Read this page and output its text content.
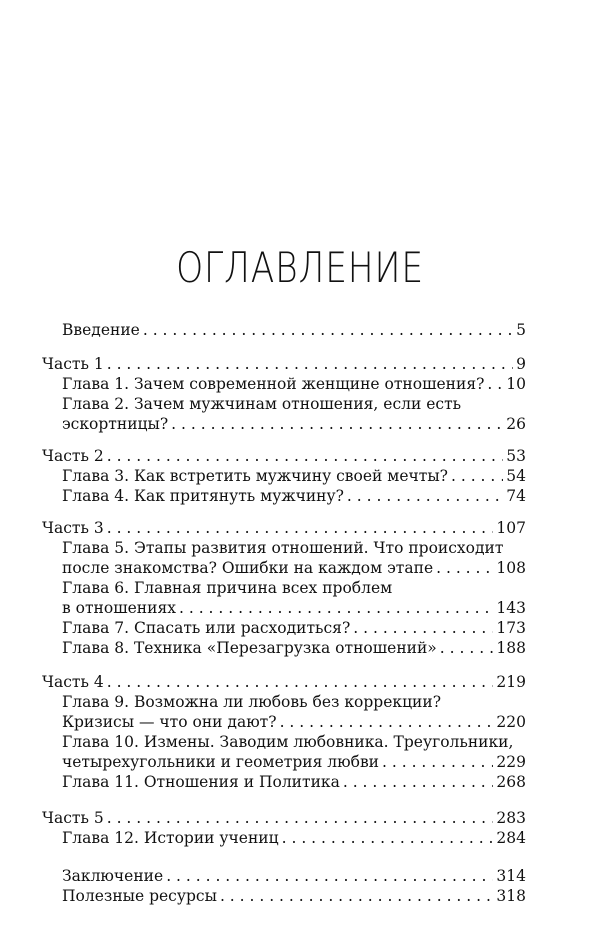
ОГЛАВЛЕНИЕ
Введение . . .	5
Часть 1 . . .	9
Глава 1. Зачем современной женщине отношения? . . . 10
Глава 2. Зачем мужчинам отношения, если есть
эскортницы? . . .	26
Часть 2 . . .	53
Глава 3. Как встретить мужчину своей мечты? . . .	54
Глава 4. Как притянуть мужчину? . . .	74
Часть 3 . . .	107
Глава 5. Этапы развития отношений. Что происходит
после знакомства? Ошибки на каждом этапе . . .	108
Глава 6. Главная причина всех проблем
в отношениях . . .	143
Глава 7. Спасать или расходиться? . . .	173
Глава 8. Техника «Перезагрузка отношений» . . .	188
Часть 4 . . .	219
Глава 9. Возможна ли любовь без коррекции?
Кризисы — что они дают? . . .	220
Глава 10. Измены. Заводим любовника. Треугольники,
четырехугольники и геометрия любви . . .	229
Глава 11. Отношения и Политика . . .	268
Часть 5 . . .	283
Глава 12. Истории учениц . . .	284
Заключение . . .	314
Полезные ресурсы . . .	318
